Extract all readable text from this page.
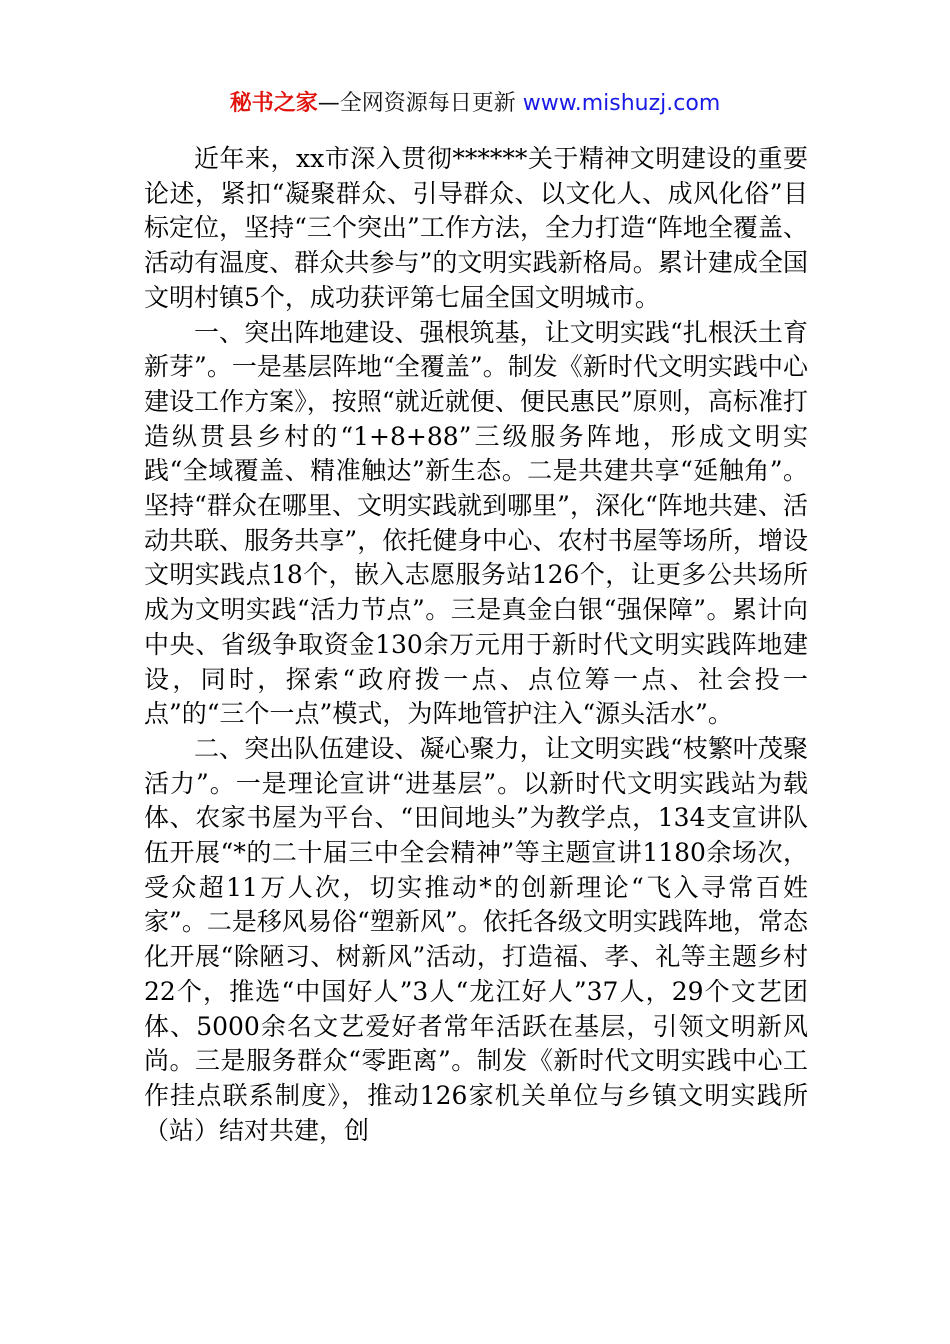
秘书之家—全网资源每日更新 www.mishuzj.com

近年来，xx市深入贯彻******关于精神文明建设的重要论述，紧扣“凝聚群众、引导群众、以文化人、成风化俗”目标定位，坚持“三个突出”工作方法，全力打造“阵地全覆盖、活动有温度、群众共参与”的文明实践新格局。累计建成全国文明村镇5个，成功获评第七届全国文明城市。

一、突出阵地建设、强根筑基，让文明实践“扎根沃土育新芽”。一是基层阵地“全覆盖”。制发《新时代文明实践中心建设工作方案》，按照“就近就便、便民惠民”原则，高标准打造纵贯县乡村的“1+8+88”三级服务阵地，形成文明实践“全域覆盖、精准触达”新生态。二是共建共享“延触角”。坚持“群众在哪里、文明实践就到哪里”，深化“阵地共建、活动共联、服务共享”，依托健身中心、农村书屋等场所，增设文明实践点18个，嵌入志愿服务站126个，让更多公共场所成为文明实践“活力节点”。三是真金白银“强保障”。累计向中央、省级争取资金130余万元用于新时代文明实践阵地建设，同时，探索“政府拨一点、点位筹一点、社会投一点”的“三个一点”模式，为阵地管护注入“源头活水”。

二、突出队伍建设、凝心聚力，让文明实践“枝繁叶茂聚活力”。一是理论宣讲“进基层”。以新时代文明实践站为载体、农家书屋为平台、“田间地头”为教学点，134支宣讲队伍开展“*的二十届三中全会精神”等主题宣讲1180余场次，受众超11万人次，切实推动*的创新理论“飞入寻常百姓家”。二是移风易俗“塑新风”。依托各级文明实践阵地，常态化开展“除陋习、树新风”活动，打造福、孝、礼等主题乡村22个，推选“中国好人”3人“龙江好人”37人，29个文艺团体、5000余名文艺爱好者常年活跃在基层，引领文明新风尚。三是服务群众“零距离”。制发《新时代文明实践中心工作挂点联系制度》，推动126家机关单位与乡镇文明实践所（站）结对共建，创
